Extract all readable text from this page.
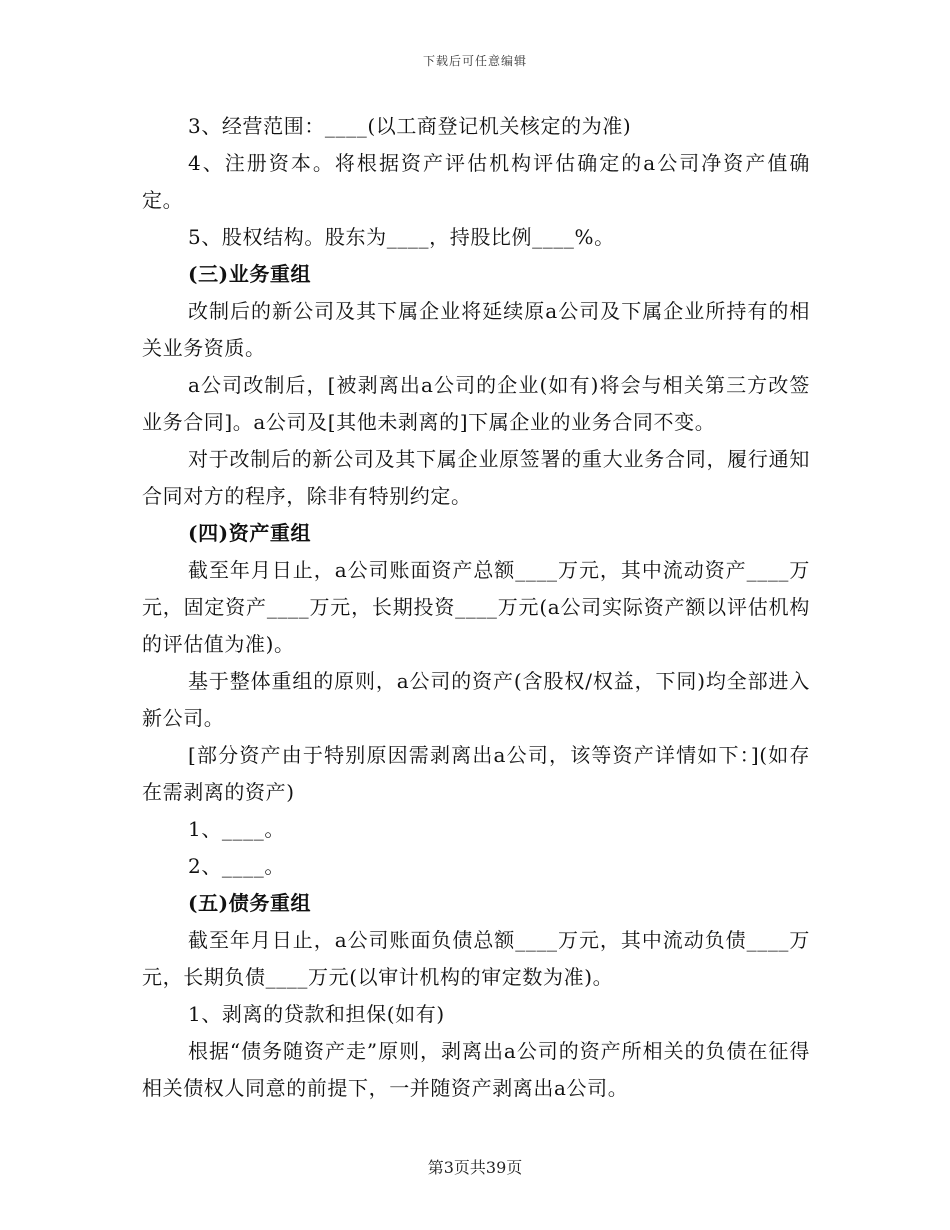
下载后可任意编辑

3、经营范围：____(以工商登记机关核定的为准)

4、注册资本。将根据资产评估机构评估确定的a公司净资产值确定。

5、股权结构。股东为____，持股比例____%。

(三)业务重组

改制后的新公司及其下属企业将延续原a公司及下属企业所持有的相关业务资质。

a公司改制后，[被剥离出a公司的企业(如有)将会与相关第三方改签业务合同]。a公司及[其他未剥离的]下属企业的业务合同不变。

对于改制后的新公司及其下属企业原签署的重大业务合同，履行通知合同对方的程序，除非有特别约定。

(四)资产重组

截至年月日止，a公司账面资产总额____万元，其中流动资产____万元，固定资产____万元，长期投资____万元(a公司实际资产额以评估机构的评估值为准)。

基于整体重组的原则，a公司的资产(含股权/权益，下同)均全部进入新公司。

[部分资产由于特别原因需剥离出a公司，该等资产详情如下：](如存在需剥离的资产)

1、____。

2、____。

(五)债务重组

截至年月日止，a公司账面负债总额____万元，其中流动负债____万元，长期负债____万元(以审计机构的审定数为准)。

1、剥离的贷款和担保(如有)

根据“债务随资产走”原则，剥离出a公司的资产所相关的负债在征得相关债权人同意的前提下，一并随资产剥离出a公司。

第3页共39页
